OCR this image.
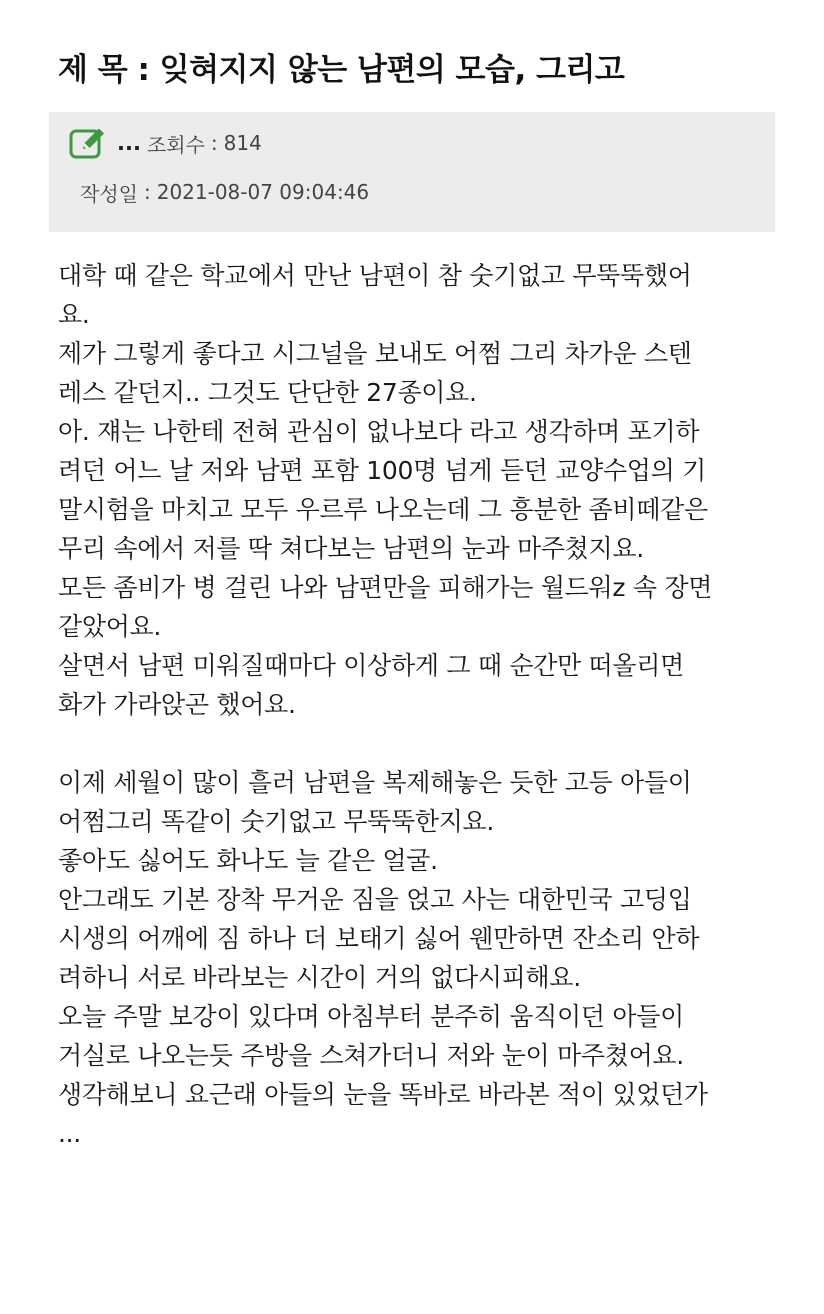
제 목 : 잊혀지지 않는 남편의 모습, 그리고
... 조회수 : 814
작성일 : 2021-08-07 09:04:46
대학 때 같은 학교에서 만난 남편이 참 숫기없고 무뚝뚝했어
요.
제가 그렇게 좋다고 시그널을 보내도 어쩜 그리 차가운 스텐
레스 같던지.. 그것도 단단한 27종이요.
아. 쟤는 나한테 전혀 관심이 없나보다 라고 생각하며 포기하
려던 어느 날 저와 남편 포함 100명 넘게 듣던 교양수업의 기
말시험을 마치고 모두 우르루 나오는데 그 흥분한 좀비떼같은
무리 속에서 저를 딱 쳐다보는 남편의 눈과 마주쳤지요.
모든 좀비가 병 걸린 나와 남편만을 피해가는 월드워z 속 장면
같았어요.
살면서 남편 미워질때마다 이상하게 그 때 순간만 떠올리면
화가 가라앉곤 했어요.
이제 세월이 많이 흘러 남편을 복제해놓은 듯한 고등 아들이
어쩜그리 똑같이 숫기없고 무뚝뚝한지요.
좋아도 싫어도 화나도 늘 같은 얼굴.
안그래도 기본 장착 무거운 짐을 얹고 사는 대한민국 고딩입
시생의 어깨에 짐 하나 더 보태기 싫어 웬만하면 잔소리 안하
려하니 서로 바라보는 시간이 거의 없다시피해요.
오늘 주말 보강이 있다며 아침부터 분주히 움직이던 아들이
거실로 나오는듯 주방을 스쳐가더니 저와 눈이 마주쳤어요.
생각해보니 요근래 아들의 눈을 똑바로 바라본 적이 있었던가
...
